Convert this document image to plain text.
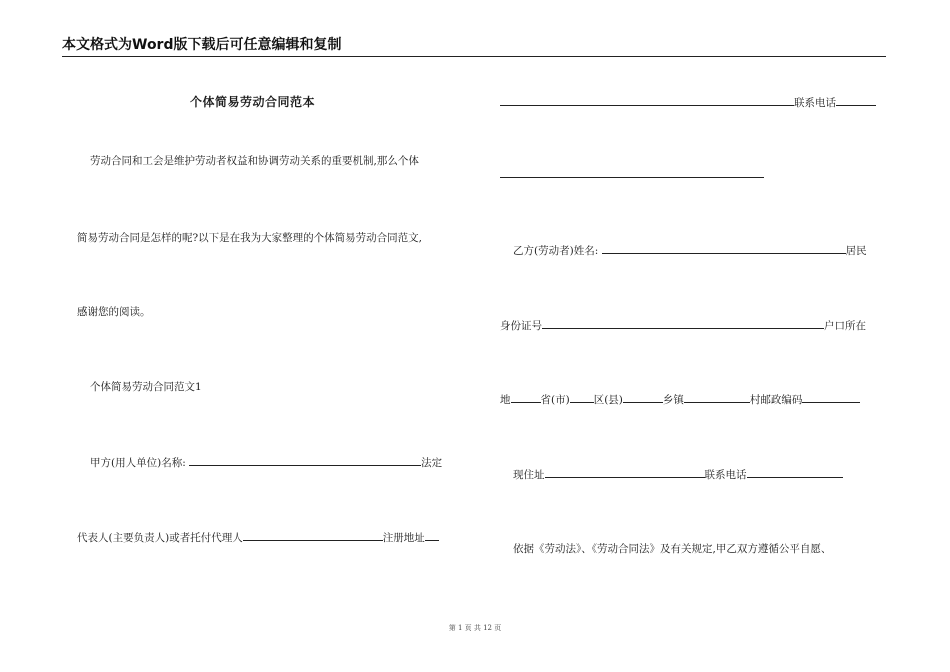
本文格式为Word版下载后可任意编辑和复制
个体简易劳动合同范本
劳动合同和工会是维护劳动者权益和协调劳动关系的重要机制,那么个体
简易劳动合同是怎样的呢?以下是在我为大家整理的个体简易劳动合同范文,
感谢您的阅读。
个体简易劳动合同范文1
甲方(用人单位)名称:	法定
代表人(主要负责人)或者托付代理人	注册地址
联系电话
乙方(劳动者)姓名:	居民
身份证号	户口所在
地	省(市) 区(县)	乡镇	村邮政编码
现住址	联系电话
依据《劳动法》、《劳动合同法》及有关规定,甲乙双方遵循公平自愿、
第 1 页 共 12 页
